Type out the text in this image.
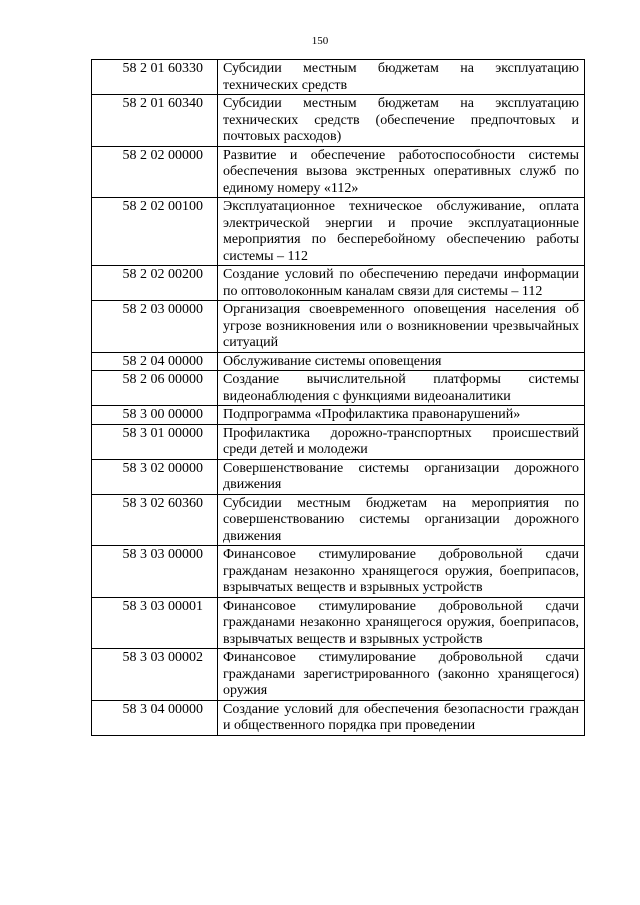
150
58 2 01 60330	Субсидии местным бюджетам на эксплуатацию технических средств
58 2 01 60340	Субсидии местным бюджетам на эксплуатацию технических средств (обеспечение предпочтовых и почтовых расходов)
58 2 02 00000	Развитие и обеспечение работоспособности системы обеспечения вызова экстренных оперативных служб по единому номеру «112»
58 2 02 00100	Эксплуатационное техническое обслуживание, оплата электрической энергии и прочие эксплуатационные мероприятия по бесперебойному обеспечению работы системы – 112
58 2 02 00200	Создание условий по обеспечению передачи информации по оптоволоконным каналам связи для системы – 112
58 2 03 00000	Организация своевременного оповещения населения об угрозе возникновения или о возникновении чрезвычайных ситуаций
58 2 04 00000	Обслуживание системы оповещения
58 2 06 00000	Создание вычислительной платформы системы видеонаблюдения с функциями видеоаналитики
58 3 00 00000	Подпрограмма «Профилактика правонарушений»
58 3 01 00000	Профилактика дорожно-транспортных происшествий среди детей и молодежи
58 3 02 00000	Совершенствование системы организации дорожного движения
58 3 02 60360	Субсидии местным бюджетам на мероприятия по совершенствованию системы организации дорожного движения
58 3 03 00000	Финансовое стимулирование добровольной сдачи гражданам незаконно хранящегося оружия, боеприпасов, взрывчатых веществ и взрывных устройств
58 3 03 00001	Финансовое стимулирование добровольной сдачи гражданами незаконно хранящегося оружия, боеприпасов, взрывчатых веществ и взрывных устройств
58 3 03 00002	Финансовое стимулирование добровольной сдачи гражданами зарегистрированного (законно хранящегося) оружия
58 3 04 00000	Создание условий для обеспечения безопасности граждан и общественного порядка при проведении
